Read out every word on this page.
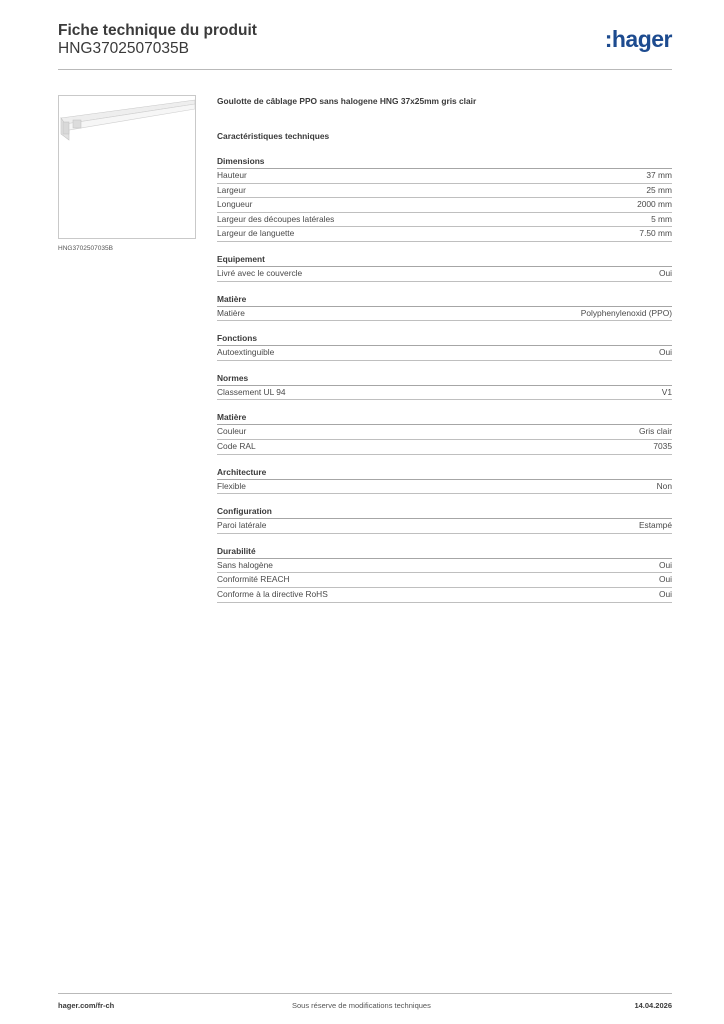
Fiche technique du produit
HNG3702507035B	:hager
HNG3702507035B
Goulotte de câblage PPO sans halogene HNG 37x25mm gris clair
Caractéristiques techniques
Dimensions
Hauteur	37 mm
Largeur	25 mm
Longueur	2000 mm
Largeur des découpes latérales	5 mm
Largeur de languette	7.50 mm
Equipement
Livré avec le couvercle	Oui
Matière
Matière	Polyphenylenoxid (PPO)
Fonctions
Autoextinguible	Oui
Normes
Classement UL 94	V1
Matière
Couleur	Gris clair
Code RAL	7035
Architecture
Flexible	Non
Configuration
Paroi latérale	Estampé
Durabilité
Sans halogène	Oui
Conformité REACH	Oui
Conforme à la directive RoHS	Oui
hager.com/fr-ch	Sous réserve de modifications techniques	14.04.2026
